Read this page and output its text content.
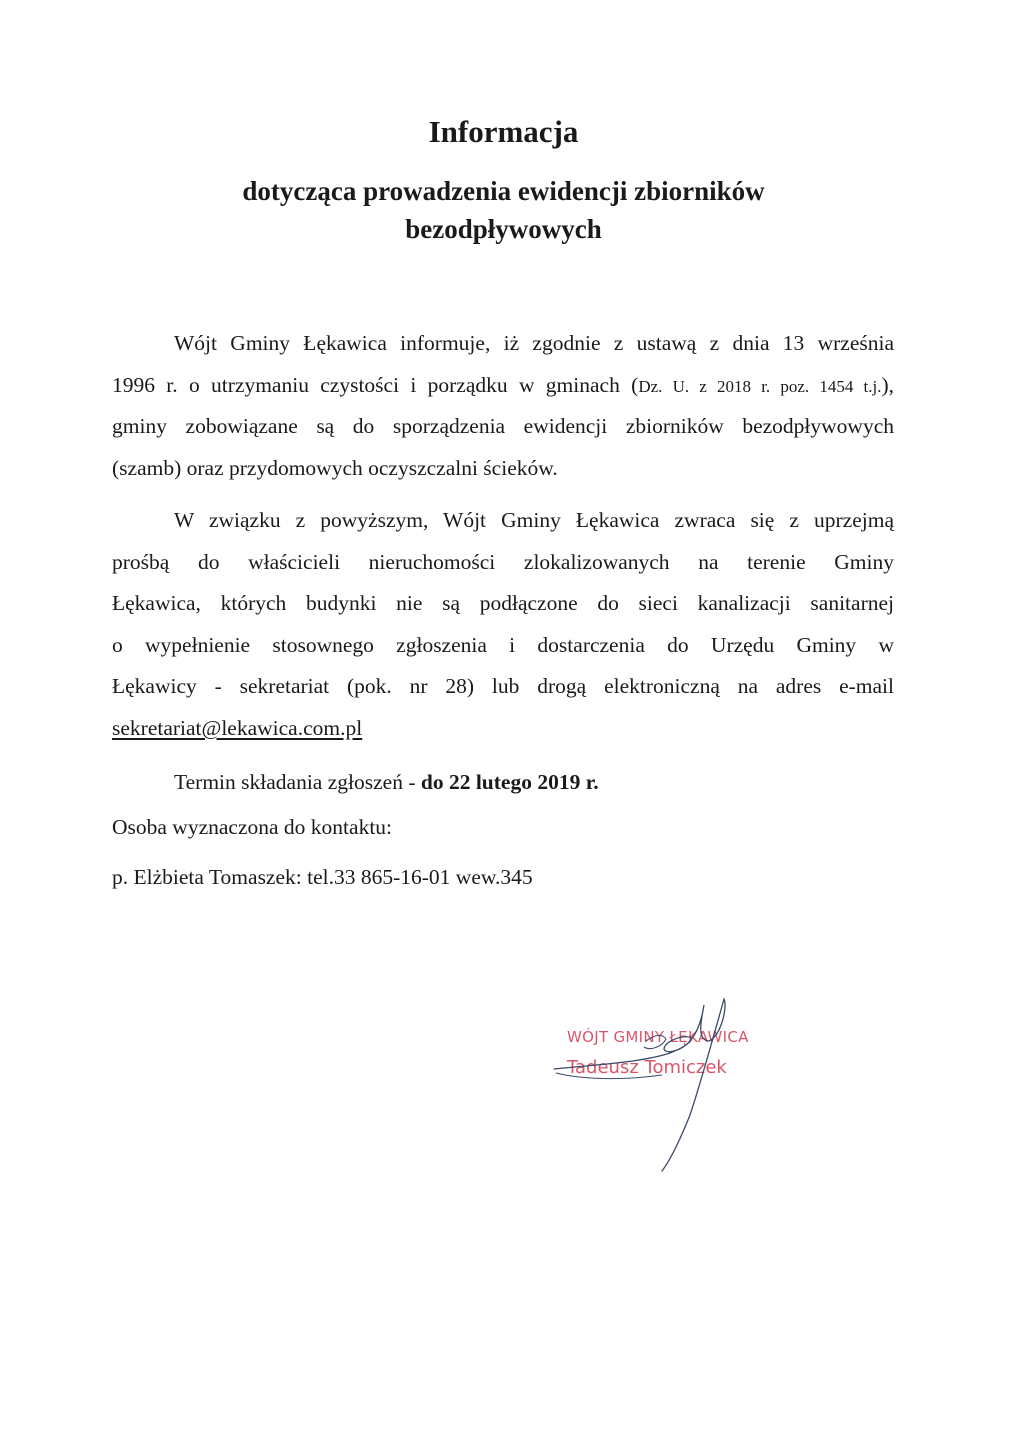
Informacja
dotycząca prowadzenia ewidencji zbiorników
bezodpływowych
Wójt Gminy Łękawica informuje, iż zgodnie z ustawą z dnia 13 września
1996 r. o utrzymaniu czystości i porządku w gminach (Dz. U. z 2018 r. poz. 1454 t.j.),
gminy zobowiązane są do sporządzenia ewidencji zbiorników bezodpływowych
(szamb) oraz przydomowych oczyszczalni ścieków.
W związku z powyższym, Wójt Gminy Łękawica zwraca się z uprzejmą
prośbą do właścicieli nieruchomości zlokalizowanych na terenie Gminy
Łękawica, których budynki nie są podłączone do sieci kanalizacji sanitarnej
o wypełnienie stosownego zgłoszenia i dostarczenia do Urzędu Gminy w
Łękawicy - sekretariat (pok. nr 28) lub drogą elektroniczną na adres e-mail
sekretariat@lekawica.com.pl

Termin składania zgłoszeń - do 22 lutego 2019 r.

Osoba wyznaczona do kontaktu:

p. Elżbieta Tomaszek: tel.33 865-16-01 wew.345

WÓJT GMINY ŁĘKAWICA
Tadeusz Tomiczek
